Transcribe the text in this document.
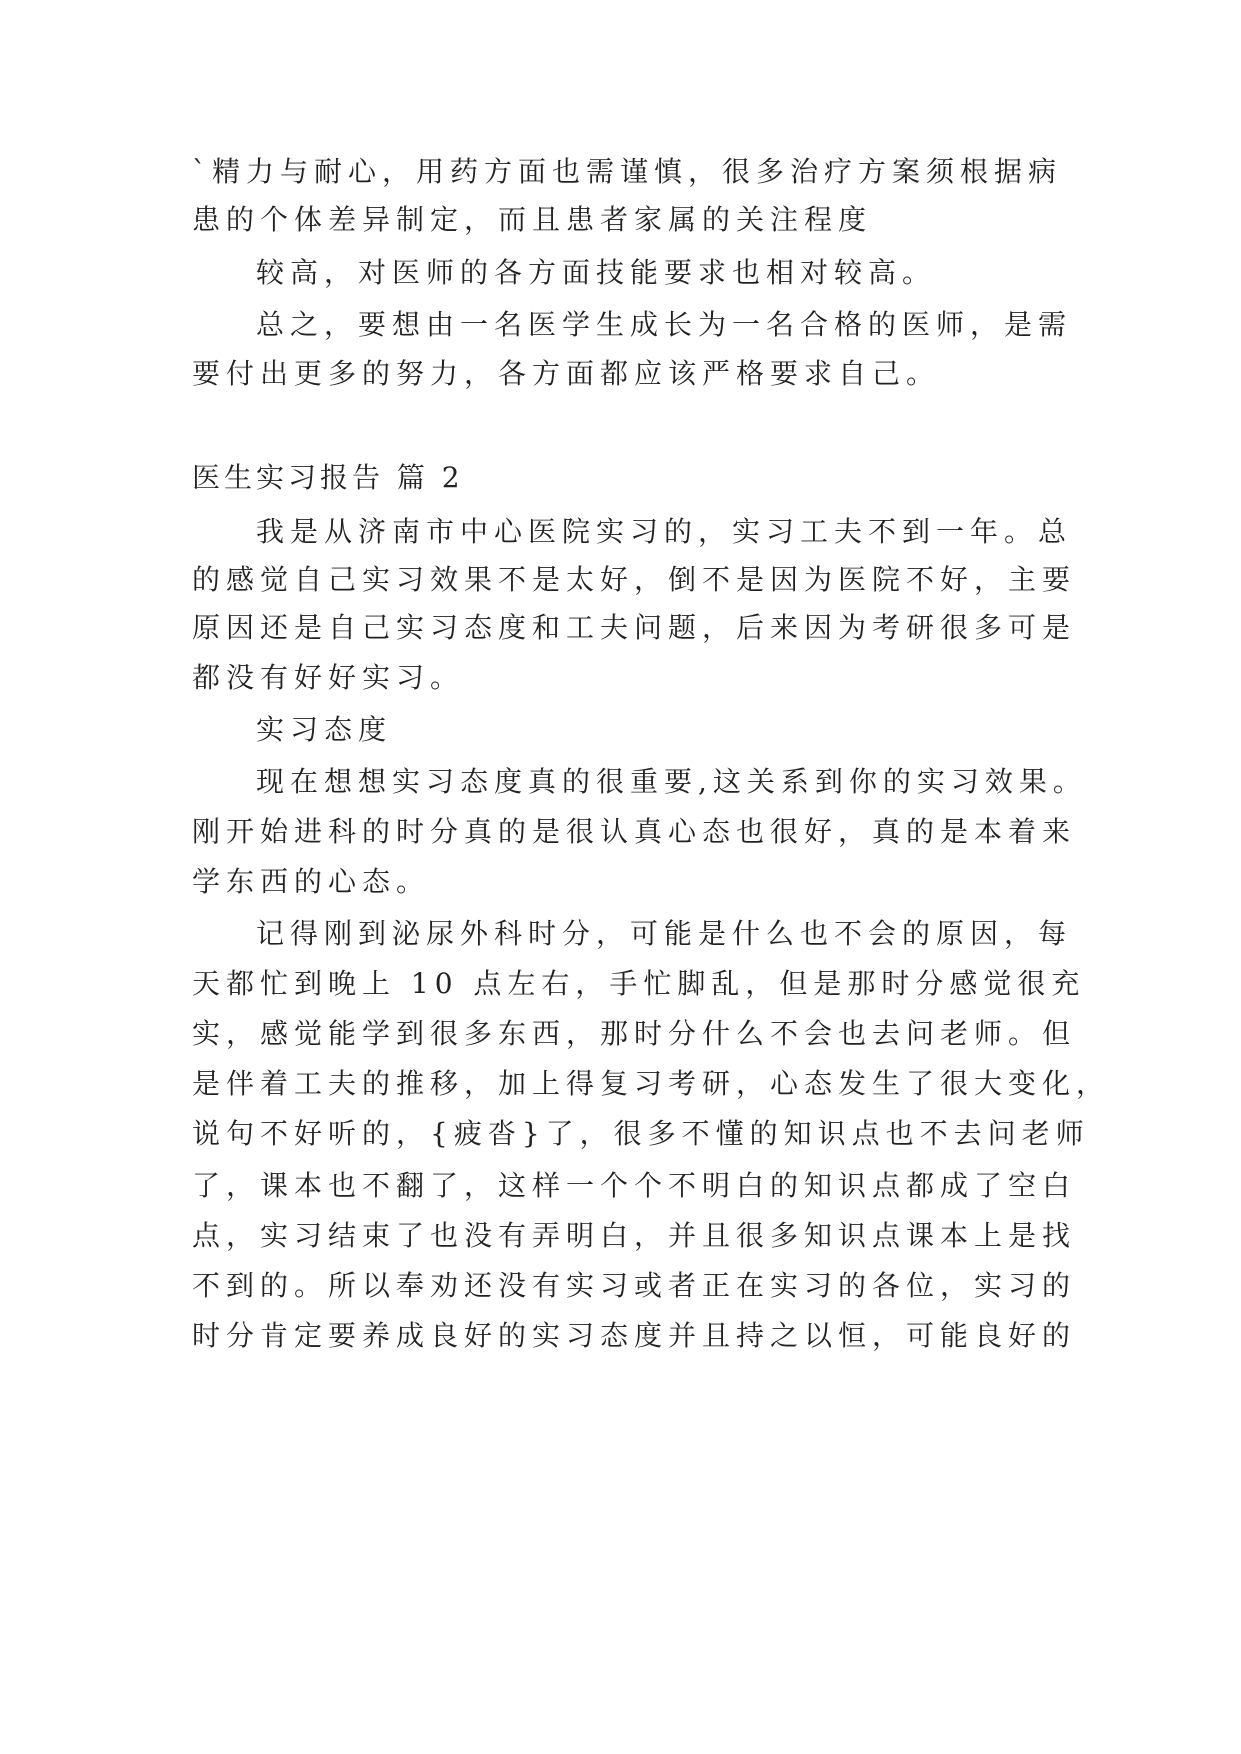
`精力与耐心，用药方面也需谨慎，很多治疗方案须根据病
患的个体差异制定，而且患者家属的关注程度
较高，对医师的各方面技能要求也相对较高。
总之，要想由一名医学生成长为一名合格的医师，是需
要付出更多的努力，各方面都应该严格要求自己。
医生实习报告 篇 2
我是从济南市中心医院实习的，实习工夫不到一年。总
的感觉自己实习效果不是太好，倒不是因为医院不好，主要
原因还是自己实习态度和工夫问题，后来因为考研很多可是
都没有好好实习。
实习态度
现在想想实习态度真的很重要,这关系到你的实习效果。
刚开始进科的时分真的是很认真心态也很好，真的是本着来
学东西的心态。
记得刚到泌尿外科时分，可能是什么也不会的原因，每
天都忙到晚上 10 点左右，手忙脚乱，但是那时分感觉很充
实，感觉能学到很多东西，那时分什么不会也去问老师。但
是伴着工夫的推移，加上得复习考研，心态发生了很大变化，
说句不好听的，{疲沓}了，很多不懂的知识点也不去问老师
了，课本也不翻了，这样一个个不明白的知识点都成了空白
点，实习结束了也没有弄明白，并且很多知识点课本上是找
不到的。所以奉劝还没有实习或者正在实习的各位，实习的
时分肯定要养成良好的实习态度并且持之以恒，可能良好的
